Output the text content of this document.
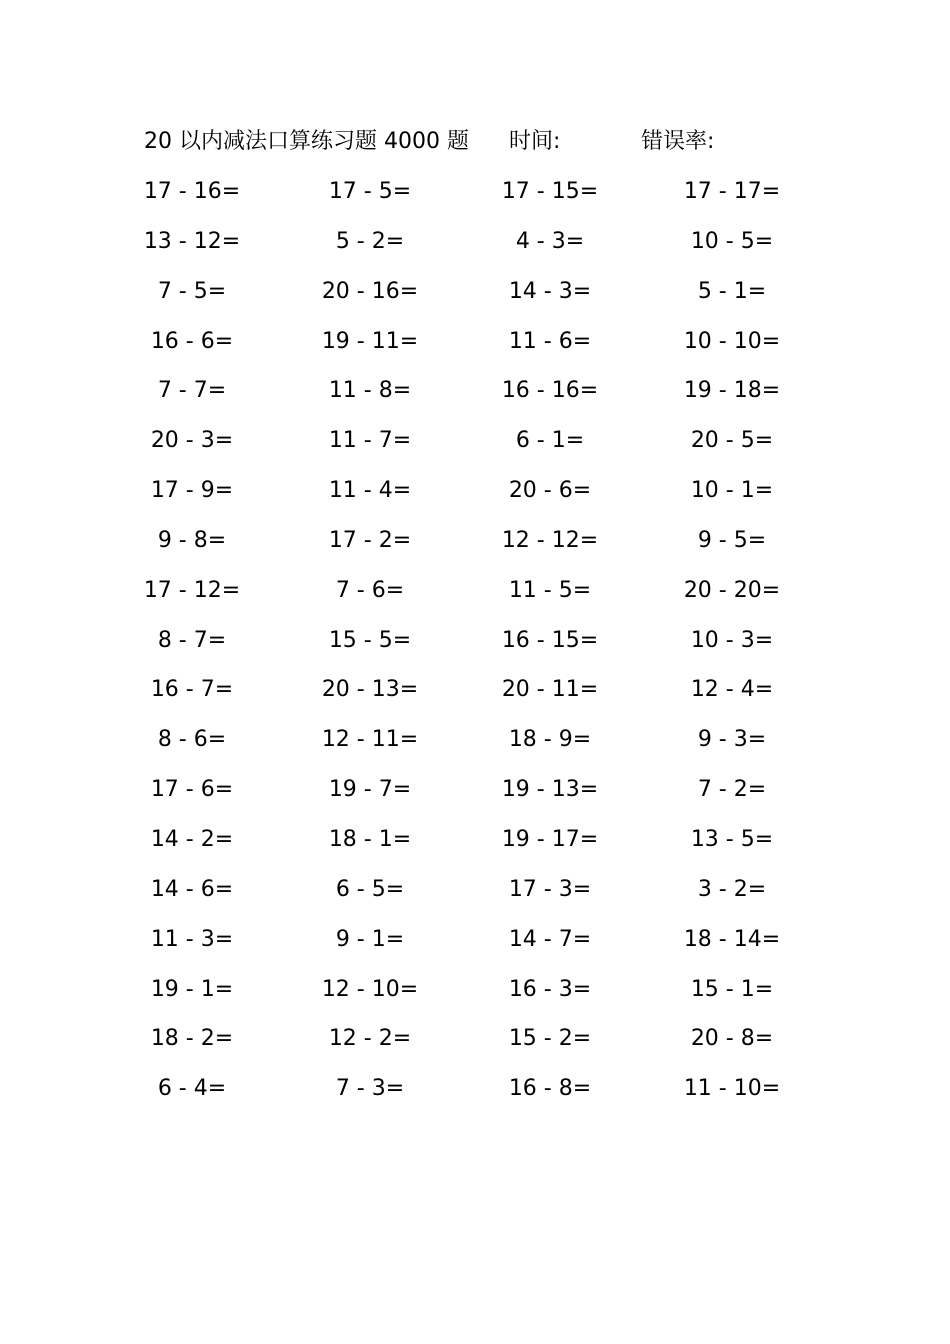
20 以内减法口算练习题 4000 题 时间:	错误率:
17 - 16=	17 - 5=	17 - 15=	17 - 17=
13 - 12=	5 - 2=	4 - 3=	10 - 5=
7 - 5=	20 - 16=	14 - 3=	5 - 1=
16 - 6=	19 - 11=	11 - 6=	10 - 10=
7 - 7=	11 - 8=	16 - 16=	19 - 18=
20 - 3=	11 - 7=	6 - 1=	20 - 5=
17 - 9=	11 - 4=	20 - 6=	10 - 1=
9 - 8=	17 - 2=	12 - 12=	9 - 5=
17 - 12=	7 - 6=	11 - 5=	20 - 20=
8 - 7=	15 - 5=	16 - 15=	10 - 3=
16 - 7=	20 - 13=	20 - 11=	12 - 4=
8 - 6=	12 - 11=	18 - 9=	9 - 3=
17 - 6=	19 - 7=	19 - 13=	7 - 2=
14 - 2=	18 - 1=	19 - 17=	13 - 5=
14 - 6=	6 - 5=	17 - 3=	3 - 2=
11 - 3=	9 - 1=	14 - 7=	18 - 14=
19 - 1=	12 - 10=	16 - 3=	15 - 1=
18 - 2=	12 - 2=	15 - 2=	20 - 8=
6 - 4=	7 - 3=	16 - 8=	11 - 10=
